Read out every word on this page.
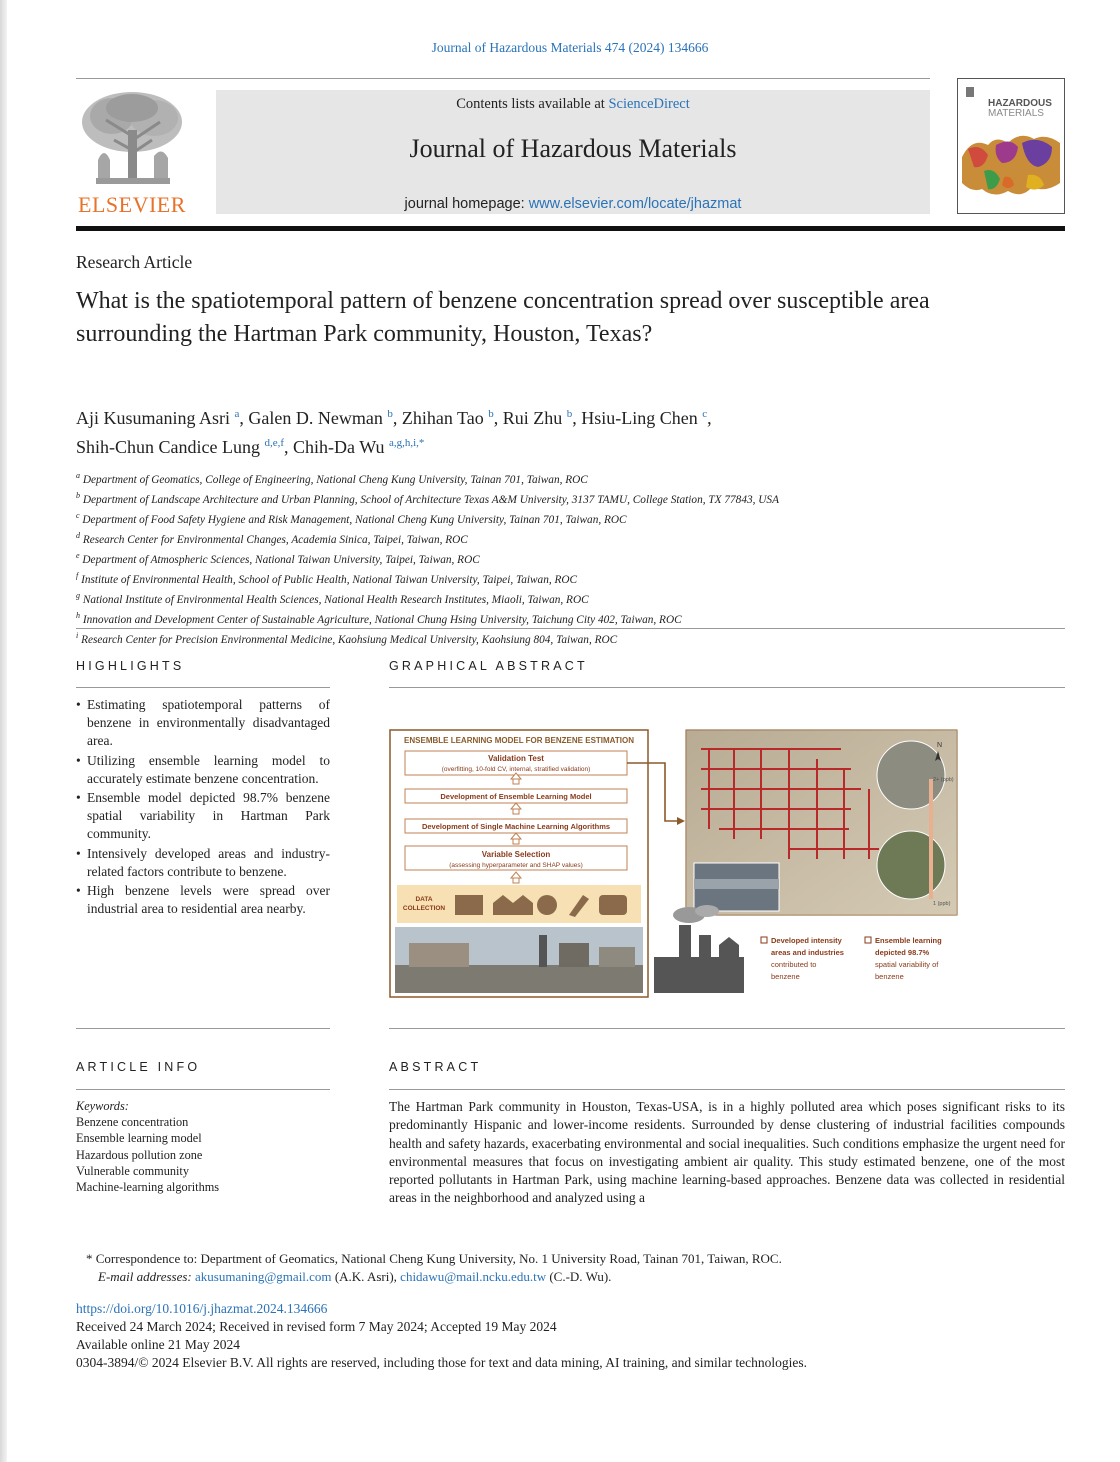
Journal of Hazardous Materials 474 (2024) 134666
ELSEVIER
Contents lists available at ScienceDirect
Journal of Hazardous Materials
journal homepage: www.elsevier.com/locate/jhazmat
HAZARDOUS
MATERIALS
Research Article
What is the spatiotemporal pattern of benzene concentration spread over susceptible area surrounding the Hartman Park community, Houston, Texas?
Aji Kusumaning Asri $^a$, Galen D. Newman $^b$, Zhihan Tao $^b$, Rui Zhu $^b$, Hsiu-Ling Chen $^c$,
Shih-Chun Candice Lung $^{d,e,f}$, Chih-Da Wu $^{a,g,h,i,*}$
$^a$ Department of Geomatics, College of Engineering, National Cheng Kung University, Tainan 701, Taiwan, ROC
$^b$ Department of Landscape Architecture and Urban Planning, School of Architecture Texas A&M University, 3137 TAMU, College Station, TX 77843, USA
$^c$ Department of Food Safety Hygiene and Risk Management, National Cheng Kung University, Tainan 701, Taiwan, ROC
$^d$ Research Center for Environmental Changes, Academia Sinica, Taipei, Taiwan, ROC
$^e$ Department of Atmospheric Sciences, National Taiwan University, Taipei, Taiwan, ROC
$^f$ Institute of Environmental Health, School of Public Health, National Taiwan University, Taipei, Taiwan, ROC
$^g$ National Institute of Environmental Health Sciences, National Health Research Institutes, Miaoli, Taiwan, ROC
$^h$ Innovation and Development Center of Sustainable Agriculture, National Chung Hsing University, Taichung City 402, Taiwan, ROC
$^i$ Research Center for Precision Environmental Medicine, Kaohsiung Medical University, Kaohsiung 804, Taiwan, ROC
HIGHLIGHTS
• Estimating spatiotemporal patterns of benzene in environmentally disadvantaged area.
• Utilizing ensemble learning model to accurately estimate benzene concentration.
• Ensemble model depicted 98.7% benzene spatial variability in Hartman Park community.
• Intensively developed areas and industry-related factors contribute to benzene.
• High benzene levels were spread over industrial area to residential area nearby.
GRAPHICAL ABSTRACT
ENSEMBLE LEARNING MODEL FOR BENZENE ESTIMATION
Validation Test
(overfitting, 10-fold CV, internal, stratified validation)
Development of Ensemble Learning Model
Development of Single Machine Learning Algorithms
Variable Selection
(assessing hyperparameter and SHAP values)
DATA
COLLECTION
N
2+ (ppb)
1 (ppb)
Developed intensity
areas and industries
contributed to
benzene
Ensemble learning
depicted 98.7%
spatial variability of
benzene
ARTICLE INFO
Keywords:
Benzene concentration
Ensemble learning model
Hazardous pollution zone
Vulnerable community
Machine-learning algorithms
ABSTRACT
The Hartman Park community in Houston, Texas-USA, is in a highly polluted area which poses significant risks to its predominantly Hispanic and lower-income residents. Surrounded by dense clustering of industrial facilities compounds health and safety hazards, exacerbating environmental and social inequalities. Such conditions emphasize the urgent need for environmental measures that focus on investigating ambient air quality. This study estimated benzene, one of the most reported pollutants in Hartman Park, using machine learning-based approaches. Benzene data was collected in residential areas in the neighborhood and analyzed using a
* Correspondence to: Department of Geomatics, National Cheng Kung University, No. 1 University Road, Tainan 701, Taiwan, ROC.
E-mail addresses: akusumaning@gmail.com (A.K. Asri), chidawu@mail.ncku.edu.tw (C.-D. Wu).
https://doi.org/10.1016/j.jhazmat.2024.134666
Received 24 March 2024; Received in revised form 7 May 2024; Accepted 19 May 2024
Available online 21 May 2024
0304-3894/© 2024 Elsevier B.V. All rights are reserved, including those for text and data mining, AI training, and similar technologies.
